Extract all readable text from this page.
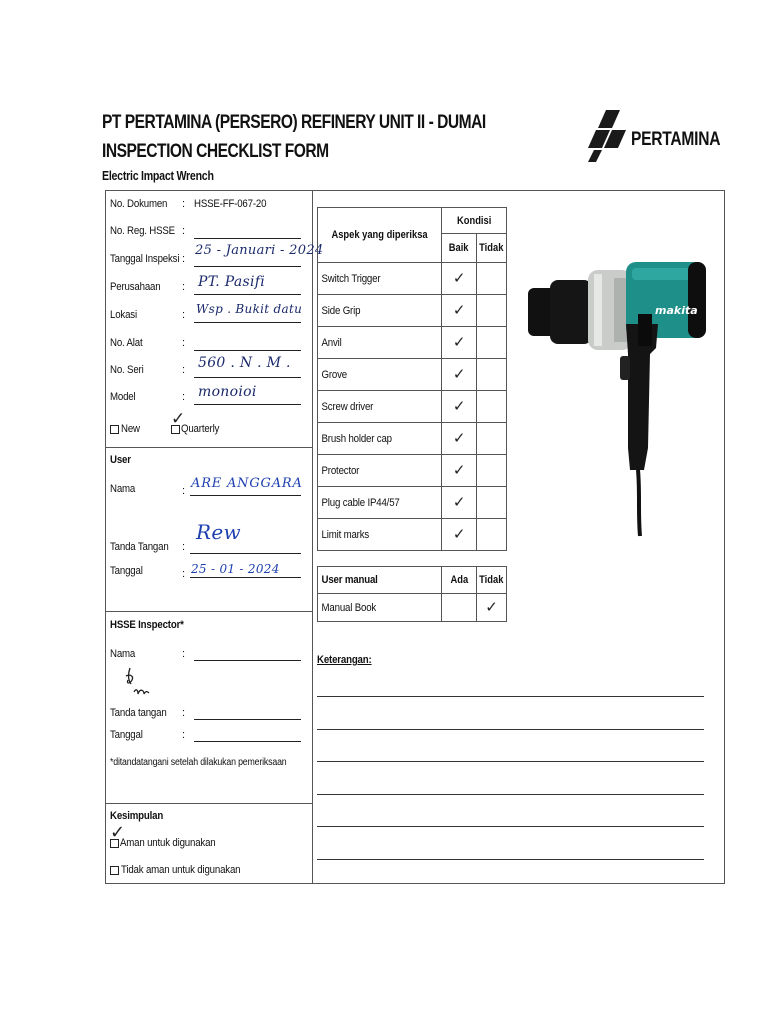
PT PERTAMINA (PERSERO) REFINERY UNIT II - DUMAI
INSPECTION CHECKLIST FORM
Electric Impact Wrench
PERTAMINA
No. Dokumen : HSSE-FF-067-20
No. Reg. HSSE :
Tanggal Inspeksi :
25 - Januari - 2024
Perusahaan : PT. Pasifi
Lokasi	: Wsp . Bukit datu
No. Alat	:
No. Seri	: 560 . N . M .
Model	: monoioi
New ✓
Quarterly
User
Nama	: ARE ANGGARA
Tanda Tangan :
Rew
Tanggal	: 25 - 01 - 2024
HSSE Inspector*
Nama	:
Tanda tangan :
Tanggal	:
*ditandatangani setelah dilakukan pemeriksaan
Kesimpulan
✓
Aman untuk digunakan
Tidak aman untuk digunakan
Aspek yang diperiksa	Kondisi	
	Baik	Tidak
Switch Trigger	✓	
Side Grip	✓	
Anvil	✓	
Grove	✓	
Screw driver	✓	
Brush holder cap	✓	
Protector	✓	
Plug cable IP44/57	✓	
Limit marks	✓	
User manual	Ada	Tidak
Manual Book		✓
Keterangan:
makita
